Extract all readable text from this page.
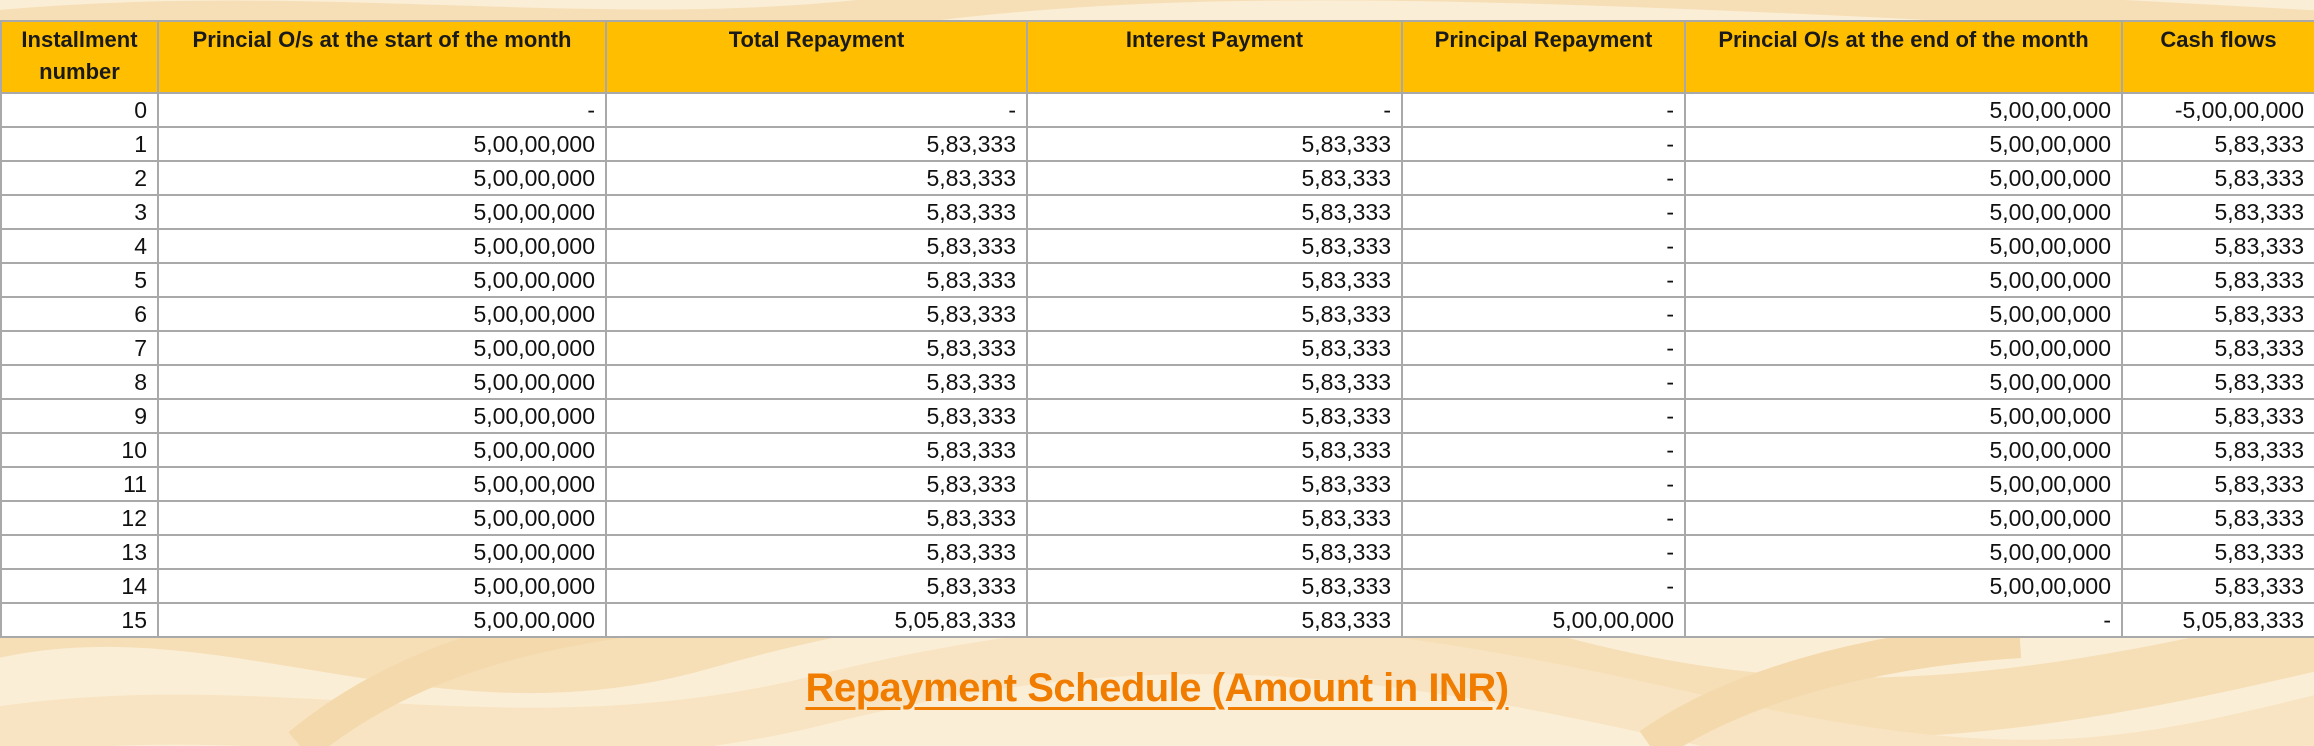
Installment number	Princial O/s at the start of the month	Total Repayment	Interest Payment	Principal Repayment	Princial O/s at the end of the month	Cash flows
0	-	-	-	-	5,00,00,000	-5,00,00,000
1	5,00,00,000	5,83,333	5,83,333	-	5,00,00,000	5,83,333
2	5,00,00,000	5,83,333	5,83,333	-	5,00,00,000	5,83,333
3	5,00,00,000	5,83,333	5,83,333	-	5,00,00,000	5,83,333
4	5,00,00,000	5,83,333	5,83,333	-	5,00,00,000	5,83,333
5	5,00,00,000	5,83,333	5,83,333	-	5,00,00,000	5,83,333
6	5,00,00,000	5,83,333	5,83,333	-	5,00,00,000	5,83,333
7	5,00,00,000	5,83,333	5,83,333	-	5,00,00,000	5,83,333
8	5,00,00,000	5,83,333	5,83,333	-	5,00,00,000	5,83,333
9	5,00,00,000	5,83,333	5,83,333	-	5,00,00,000	5,83,333
10	5,00,00,000	5,83,333	5,83,333	-	5,00,00,000	5,83,333
11	5,00,00,000	5,83,333	5,83,333	-	5,00,00,000	5,83,333
12	5,00,00,000	5,83,333	5,83,333	-	5,00,00,000	5,83,333
13	5,00,00,000	5,83,333	5,83,333	-	5,00,00,000	5,83,333
14	5,00,00,000	5,83,333	5,83,333	-	5,00,00,000	5,83,333
15	5,00,00,000	5,05,83,333	5,83,333	5,00,00,000	-	5,05,83,333
Repayment Schedule (Amount in INR)
